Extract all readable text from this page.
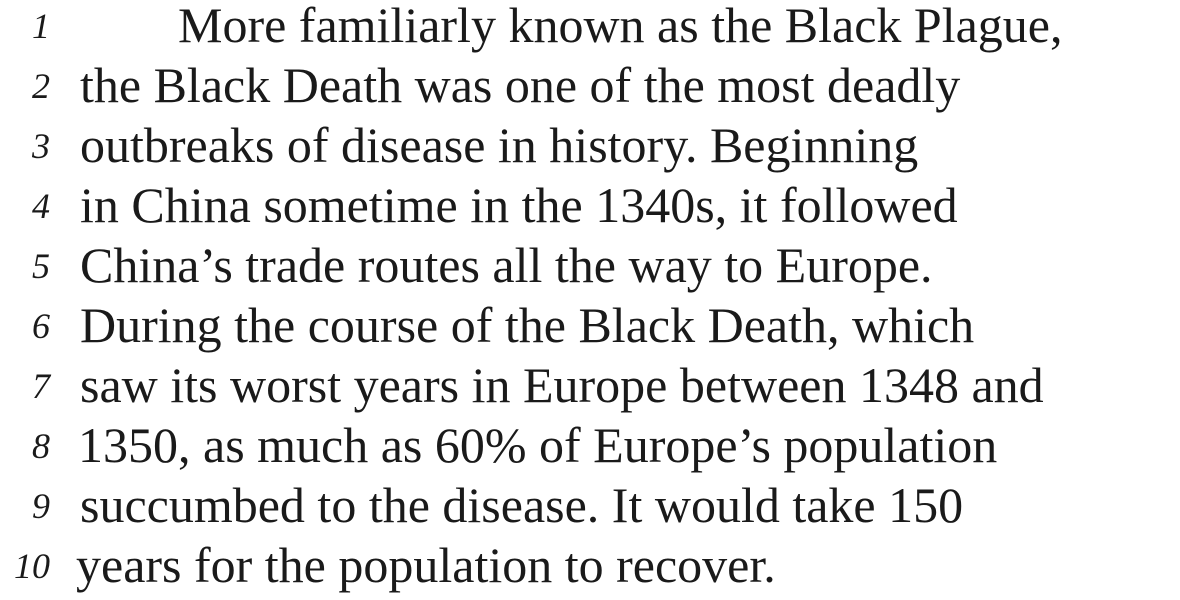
1	More familiarly known as the Black Plague,
2 the Black Death was one of the most deadly
3 outbreaks of disease in history. Beginning
4 in China sometime in the 1340s, it followed
5 China’s trade routes all the way to Europe.
6 During the course of the Black Death, which
7 saw its worst years in Europe between 1348 and
8 1350, as much as 60% of Europe’s population
9 succumbed to the disease. It would take 150
10 years for the population to recover.
